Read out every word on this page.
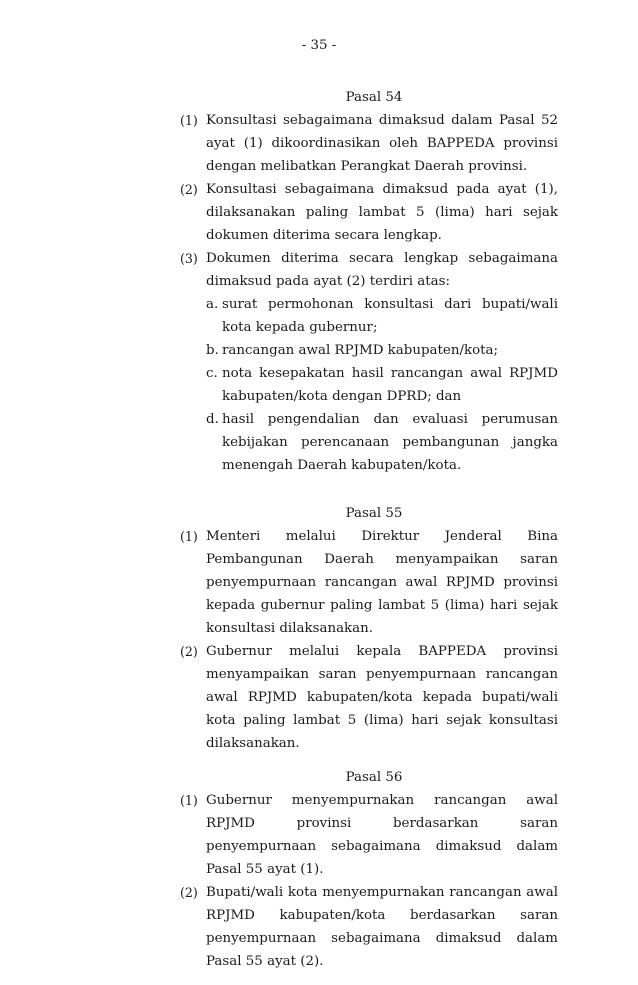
- 35 -
Pasal 54
(1) Konsultasi sebagaimana dimaksud dalam Pasal 52 ayat (1) dikoordinasikan oleh BAPPEDA provinsi dengan melibatkan Perangkat Daerah provinsi.
(2) Konsultasi sebagaimana dimaksud pada ayat (1), dilaksanakan paling lambat 5 (lima) hari sejak dokumen diterima secara lengkap.
(3) Dokumen diterima secara lengkap sebagaimana dimaksud pada ayat (2) terdiri atas:
a. surat permohonan konsultasi dari bupati/wali kota kepada gubernur;
b. rancangan awal RPJMD kabupaten/kota;
c. nota kesepakatan hasil rancangan awal RPJMD kabupaten/kota dengan DPRD; dan
d. hasil pengendalian dan evaluasi perumusan kebijakan perencanaan pembangunan jangka menengah Daerah kabupaten/kota.
Pasal 55
(1) Menteri melalui Direktur Jenderal Bina Pembangunan Daerah menyampaikan saran penyempurnaan rancangan awal RPJMD provinsi kepada gubernur paling lambat 5 (lima) hari sejak konsultasi dilaksanakan.
(2) Gubernur melalui kepala BAPPEDA provinsi menyampaikan saran penyempurnaan rancangan awal RPJMD kabupaten/kota kepada bupati/wali kota paling lambat 5 (lima) hari sejak konsultasi dilaksanakan.
Pasal 56
(1) Gubernur menyempurnakan rancangan awal RPJMD provinsi berdasarkan saran penyempurnaan sebagaimana dimaksud dalam Pasal 55 ayat (1).
(2) Bupati/wali kota menyempurnakan rancangan awal RPJMD kabupaten/kota berdasarkan saran penyempurnaan sebagaimana dimaksud dalam Pasal 55 ayat (2).
